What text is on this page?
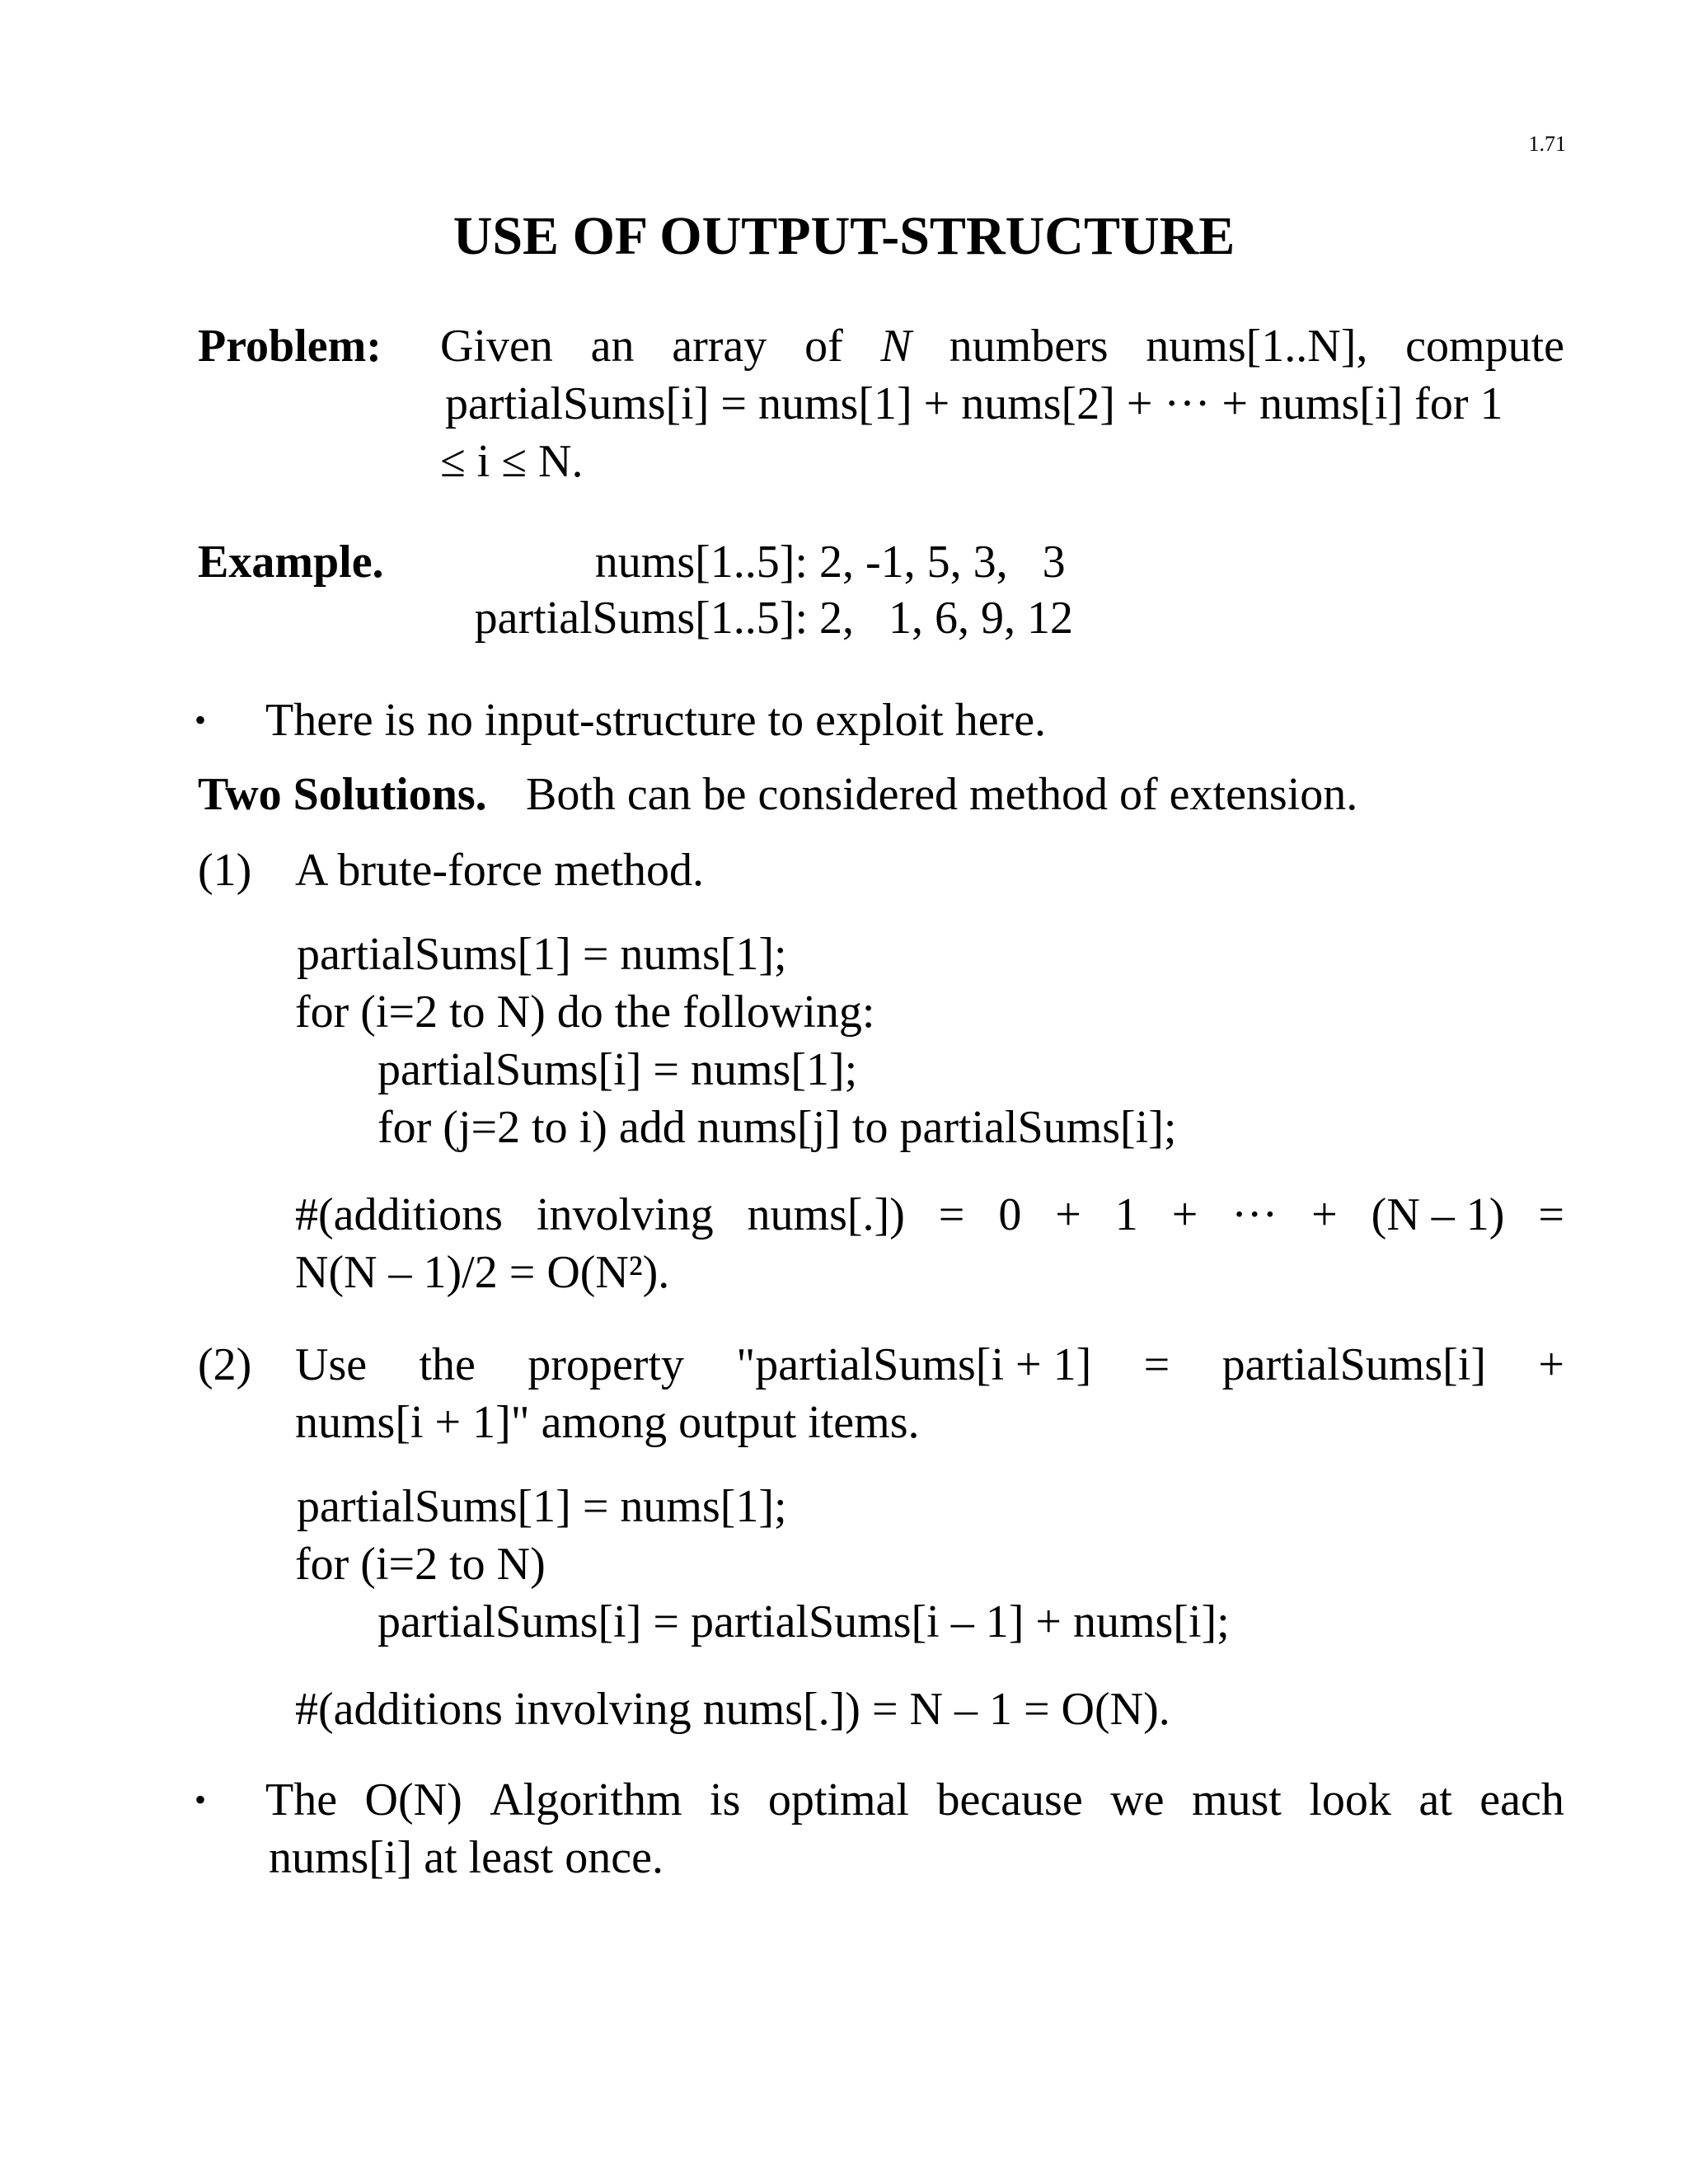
1.71
USE OF OUTPUT-STRUCTURE
Problem: Given an array of N numbers nums[1..N], compute
partialSums[i] = nums[1] + nums[2] + ··· + nums[i] for 1
≤ i ≤ N.
Example.	nums[1..5]: 2, -1, 5, 3,   3
partialSums[1..5]: 2,   1, 6, 9, 12
• There is no input-structure to exploit here.
Two Solutions. Both can be considered method of extension.
(1) A brute-force method.
partialSums[1] = nums[1];
for (i=2 to N) do the following:
partialSums[i] = nums[1];
for (j=2 to i) add nums[j] to partialSums[i];
#(additions involving nums[.]) = 0 + 1 + ··· + (N – 1) =
N(N – 1)/2 = O(N²).
(2) Use the property "partialSums[i + 1] = partialSums[i] +
nums[i + 1]" among output items.
partialSums[1] = nums[1];
for (i=2 to N)
partialSums[i] = partialSums[i – 1] + nums[i];
#(additions involving nums[.]) = N – 1 = O(N).
• The O(N) Algorithm is optimal because we must look at each
nums[i] at least once.
